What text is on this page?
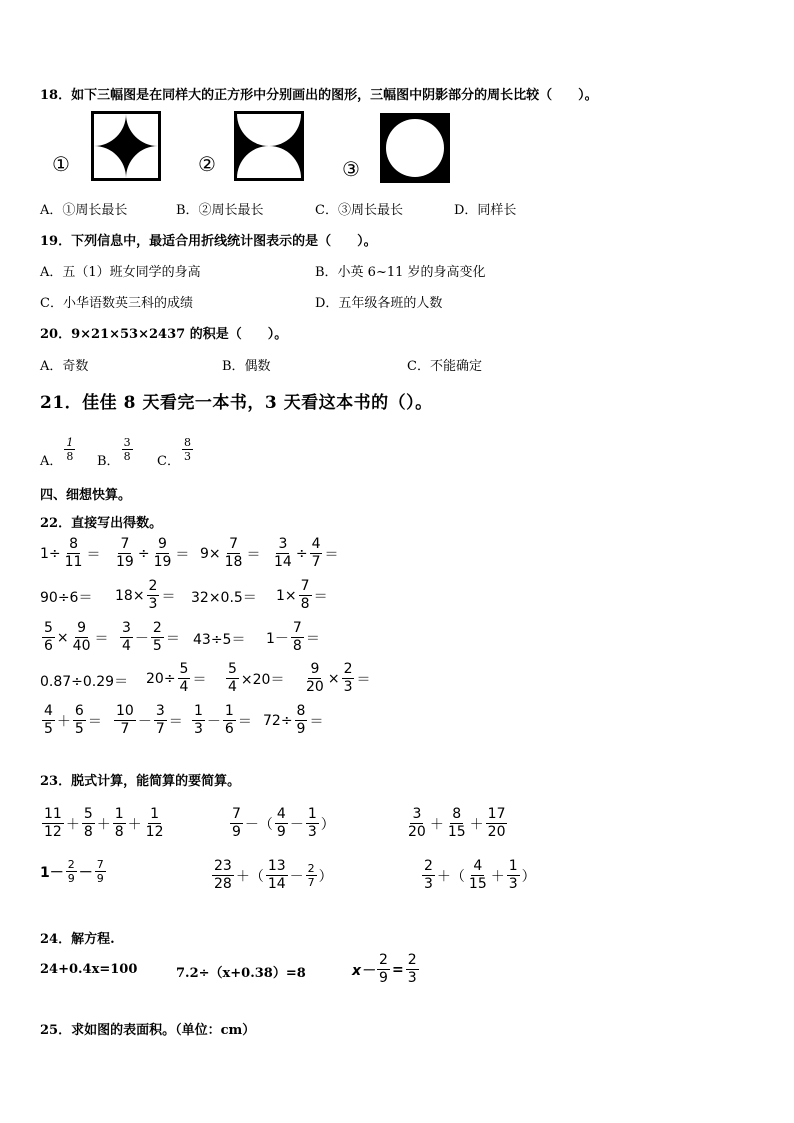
18．如下三幅图是在同样大的正方形中分别画出的图形，三幅图中阴影部分的周长比较（　　）。
①	②	③
A．①周长最长	B．②周长最长	C．③周长最长	D．同样长
19．下列信息中，最适合用折线统计图表示的是（　　）。
A．五（1）班女同学的身高	B．小英 6~11 岁的身高变化
C．小华语数英三科的成绩	D．五年级各班的人数
20．9×21×53×2437 的积是（　　）。
A．奇数	B．偶数	C．不能确定
21．佳佳 8 天看完一本书，3 天看这本书的（）。
A． $\frac{1}{8}$ B． $\frac{3}{8}$ C． $\frac{8}{3}$
四、细想快算。
22．直接写出得数。
$1\div \frac{8}{11} = \frac{7}{19} \div \frac{9}{19} = 9\times \frac{7}{18} = \frac{3}{14} \div \frac{4}{7}$ ＝
$90\div 6= 18\times \frac{2}{3} = 32\times 0.5= 1\times \frac{7}{8}$ ＝
$\frac{5}{6} \times \frac{9}{40} = \frac{3}{4} - \frac{2}{5} = 43\div 5= 1- \frac{7}{8}$ ＝
$0.87\div 0.29= 20\div \frac{5}{4} = \frac{5}{4} \times 20= \frac{9}{20} \times \frac{2}{3}$ ＝
$\frac{4}{5} + \frac{6}{5} = \frac{10}{7} - \frac{3}{7} = \frac{1}{3} - \frac{1}{6} = 72\div \frac{8}{9}$ ＝
23．脱式计算，能简算的要简算。
$\frac{11}{12} + \frac{5}{8} + \frac{1}{8} + \frac{1}{12}$	$\frac{7}{9}$ －（ $\frac{4}{9} - \frac{1}{3}$ ）	$\frac{3}{20} + \frac{8}{15} + \frac{17}{20}$
$1- \frac{2}{9} - \frac{7}{9}$	$\frac{23}{28}$ ＋（ $\frac{13}{14} - \frac{2}{7}$ ）	$\frac{2}{3}$ ＋（ $\frac{4}{15} + \frac{1}{3}$ ）
24．解方程.
24+0.4x=100	7.2÷（x+0.38）=8	$x- \frac{2}{9} = \frac{2}{3}$
25．求如图的表面积。（单位：cm）
